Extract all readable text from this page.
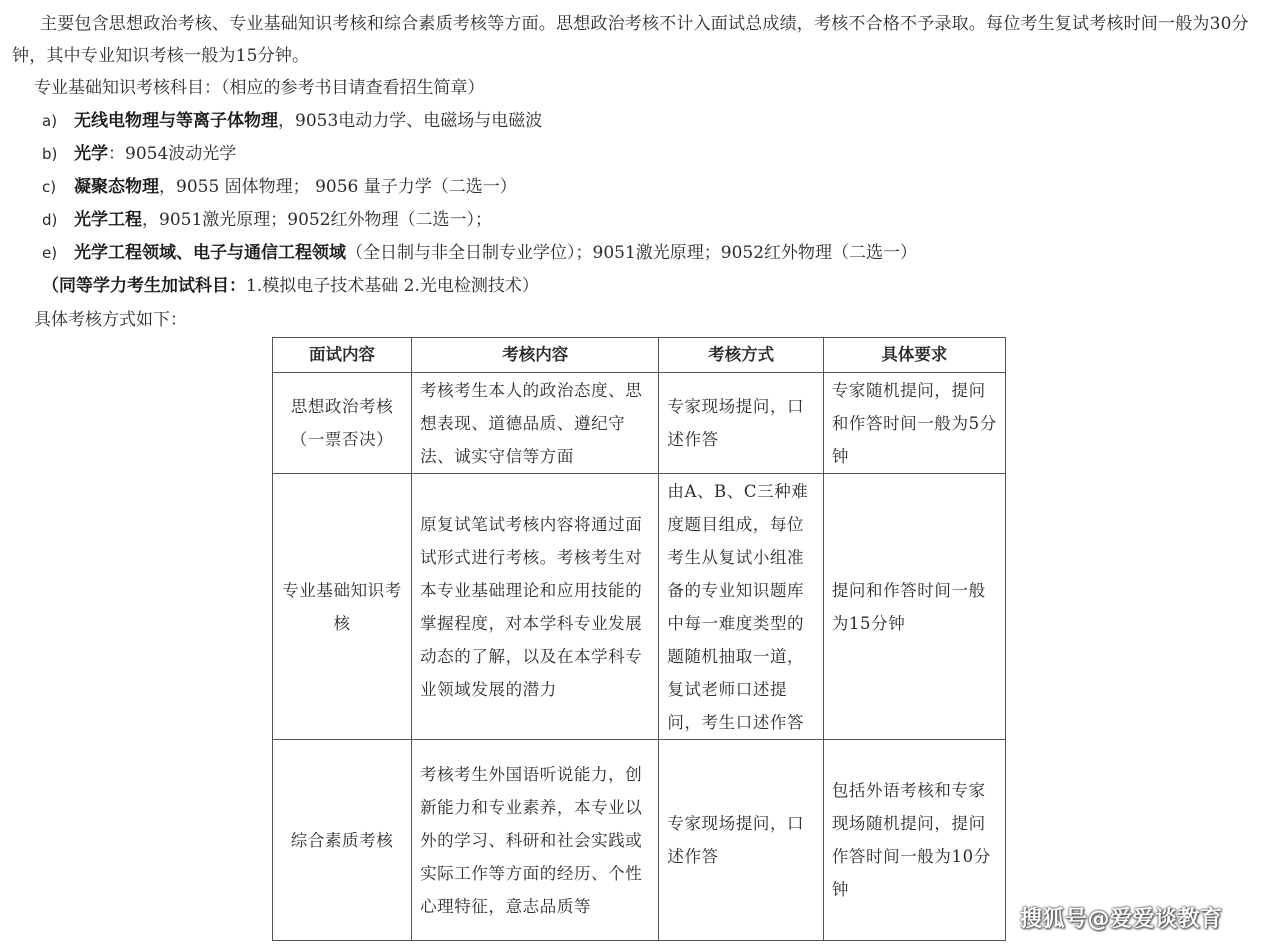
主要包含思想政治考核、专业基础知识考核和综合素质考核等方面。思想政治考核不计入面试总成绩，考核不合格不予录取。每位考生复试考核时间一般为30分钟，其中专业知识考核一般为15分钟。
专业基础知识考核科目：（相应的参考书目请查看招生简章）
a) 无线电物理与等离子体物理，9053电动力学、电磁场与电磁波
b) 光学：9054波动光学
c) 凝聚态物理，9055 固体物理； 9056 量子力学（二选一）
d) 光学工程，9051激光原理；9052红外物理（二选一）；
e) 光学工程领域、电子与通信工程领域（全日制与非全日制专业学位）；9051激光原理；9052红外物理（二选一）
（同等学力考生加试科目：1.模拟电子技术基础 2.光电检测技术）
具体考核方式如下：
面试内容	考核内容	考核方式	具体要求
思想政治考核（一票否决）	考核考生本人的政治态度、思想表现、道德品质、遵纪守法、诚实守信等方面	专家现场提问，口述作答	专家随机提问，提问和作答时间一般为5分钟
专业基础知识考核	原复试笔试考核内容将通过面试形式进行考核。考核考生对本专业基础理论和应用技能的掌握程度，对本学科专业发展动态的了解，以及在本学科专业领域发展的潜力	由A、B、C三种难度题目组成，每位考生从复试小组准备的专业知识题库中每一难度类型的题随机抽取一道，复试老师口述提问，考生口述作答	提问和作答时间一般为15分钟
综合素质考核	考核考生外国语听说能力，创新能力和专业素养，本专业以外的学习、科研和社会实践或实际工作等方面的经历、个性心理特征，意志品质等	专家现场提问，口述作答	包括外语考核和专家现场随机提问，提问作答时间一般为10分钟
搜狐号@爱爱谈教育
